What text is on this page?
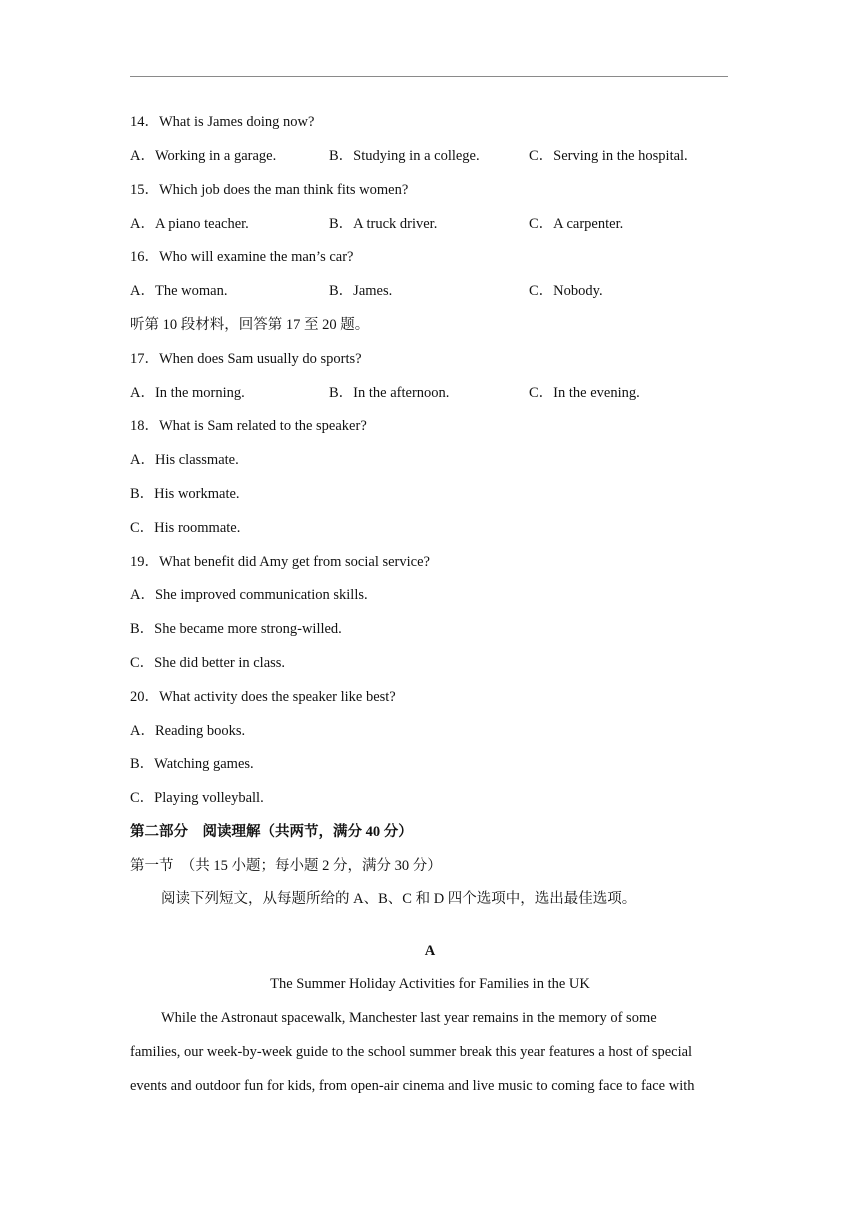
14．What is James doing now?
A．Working in a garage.	B．Studying in a college.	C．Serving in the hospital.
15．Which job does the man think fits women?
A．A piano teacher.	B．A truck driver.	C．A carpenter.
16．Who will examine the man’s car?
A．The woman.	B．James.	C．Nobody.
听第 10 段材料，回答第 17 至 20 题。
17．When does Sam usually do sports?
A．In the morning.	B．In the afternoon.	C．In the evening.
18．What is Sam related to the speaker?
A．His classmate.
B．His workmate.
C．His roommate.
19．What benefit did Amy get from social service?
A．She improved communication skills.
B．She became more strong-willed.
C．She did better in class.
20．What activity does the speaker like best?
A．Reading books.
B．Watching games.
C．Playing volleyball.
第二部分　阅读理解（共两节，满分 40 分）
第一节　（共 15 小题；每小题 2 分，满分 30 分）
阅读下列短文，从每题所给的 A、B、C 和 D 四个选项中，选出最佳选项。
A
The Summer Holiday Activities for Families in the UK
While the Astronaut spacewalk, Manchester last year remains in the memory of some
families, our week-by-week guide to the school summer break this year features a host of special
events and outdoor fun for kids, from open-air cinema and live music to coming face to face with
